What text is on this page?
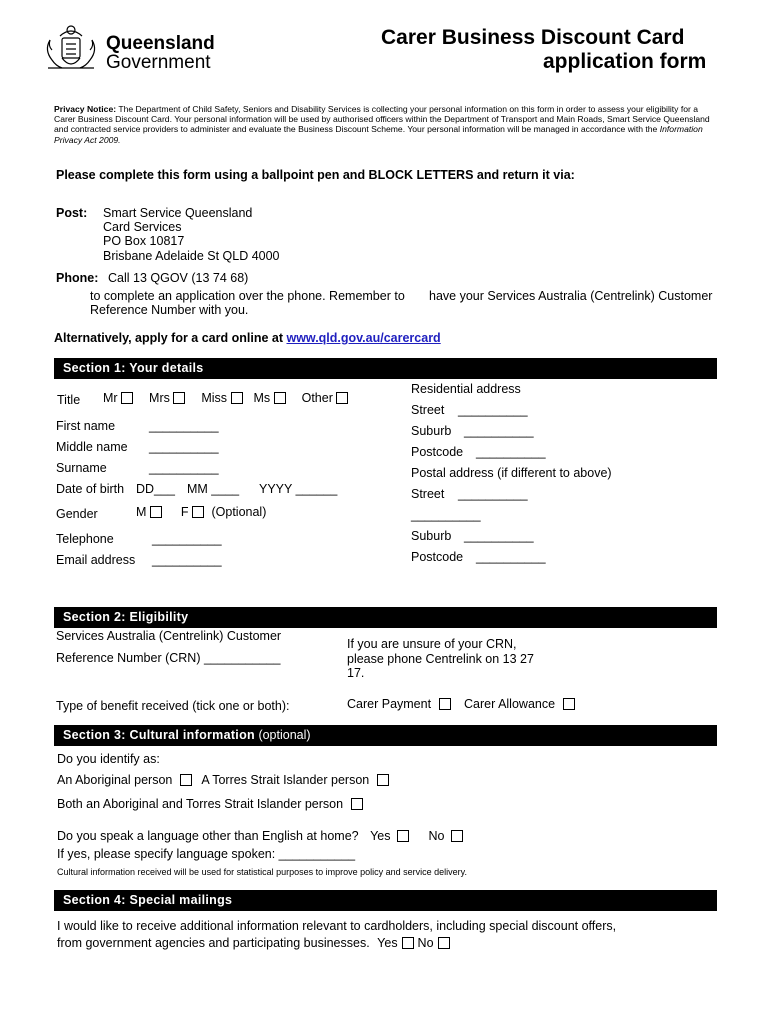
Queensland
Government
Carer Business Discount Card
application form
Privacy Notice: The Department of Child Safety, Seniors and Disability Services is collecting your personal information on this form in order to assess your eligibility for a Carer Business Discount Card. Your personal information will be used by authorised officers within the Department of Transport and Main Roads, Smart Service Queensland and contracted service providers to administer and evaluate the Business Discount Scheme. Your personal information will be managed in accordance with the Information Privacy Act 2009.
Please complete this form using a ballpoint pen and BLOCK LETTERS and return it via:
Post: Smart Service Queensland
Card Services
PO Box 10817
Brisbane Adelaide St QLD 4000
Phone: Call 13 QGOV (13 74 68)
to complete an application over the phone. Remember to have your Services Australia (Centrelink) Customer
Reference Number with you.
Alternatively, apply for a card online at www.qld.gov.au/carercard
Section 1: Your details
Title Mr	Mrs	Miss Ms	Other
First name	__________
Middle name __________
Surname	__________
Date of birth DD___ MM ____ YYYY ______
Gender	M	F (Optional)
Telephone	__________
Email address __________
Residential address
Street __________
Suburb __________
Postcode __________
Postal address (if different to above)
Street __________
__________
Suburb __________
Postcode __________
Section 2: Eligibility
Services Australia (Centrelink) Customer
Reference Number (CRN) ___________
If you are unsure of your CRN,
please phone Centrelink on 13 27
17.
Type of benefit received (tick one or both):	Carer Payment	Carer Allowance
Section 3: Cultural information (optional)
Do you identify as:
An Aboriginal person A Torres Strait Islander person
Both an Aboriginal and Torres Strait Islander person
Do you speak a language other than English at home? Yes	No
If yes, please specify language spoken: ___________
Cultural information received will be used for statistical purposes to improve policy and service delivery.
Section 4: Special mailings
I would like to receive additional information relevant to cardholders, including special discount offers,
from government agencies and participating businesses. Yes No
